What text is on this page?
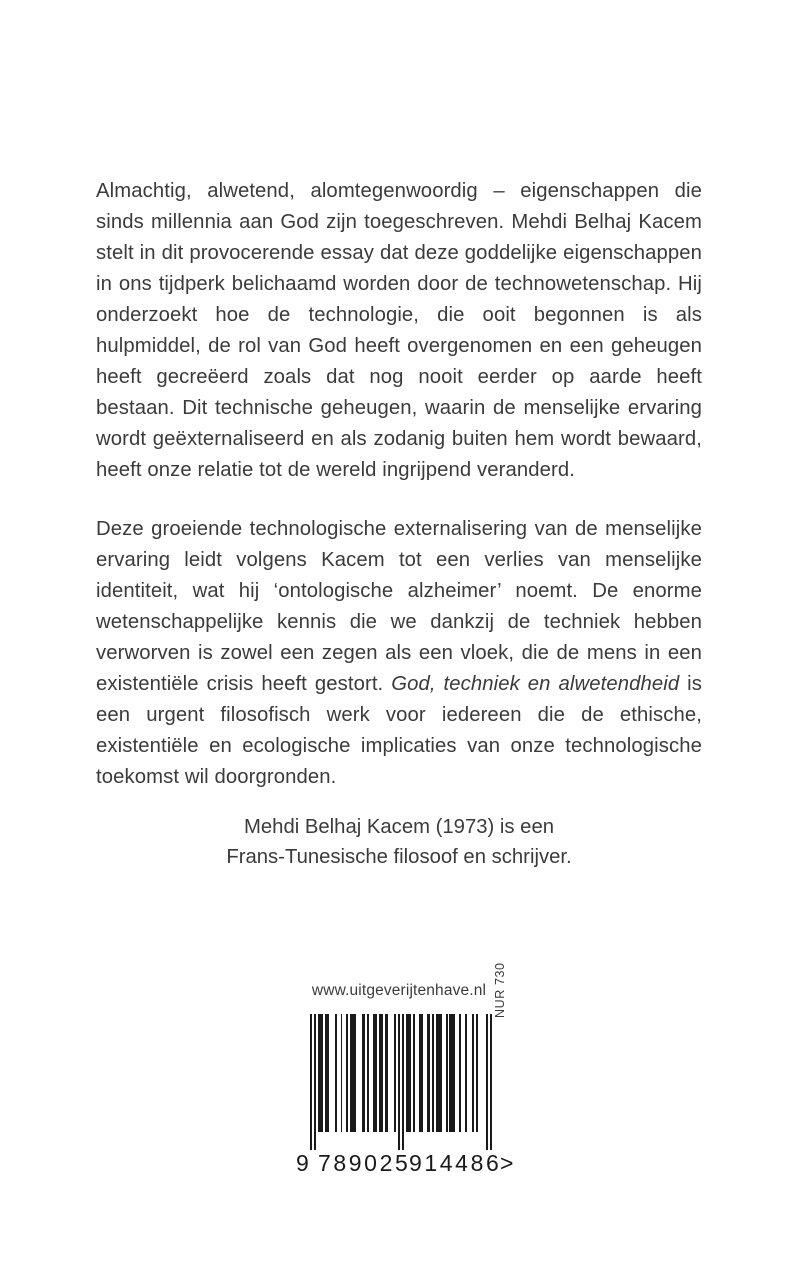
Almachtig, alwetend, alomtegenwoordig – eigenschappen die sinds millennia aan God zijn toegeschreven. Mehdi Belhaj Kacem stelt in dit provocerende essay dat deze goddelijke eigenschappen in ons tijdperk belichaamd worden door de technowetenschap. Hij onderzoekt hoe de technologie, die ooit begonnen is als hulpmiddel, de rol van God heeft overgenomen en een geheugen heeft gecreëerd zoals dat nog nooit eerder op aarde heeft bestaan. Dit technische geheugen, waarin de menselijke ervaring wordt geëxternaliseerd en als zodanig buiten hem wordt bewaard, heeft onze relatie tot de wereld ingrijpend veranderd.

Deze groeiende technologische externalisering van de menselijke ervaring leidt volgens Kacem tot een verlies van menselijke identiteit, wat hij ‘ontologische alzheimer’ noemt. De enorme wetenschappelijke kennis die we dankzij de techniek hebben verworven is zowel een zegen als een vloek, die de mens in een existentiële crisis heeft gestort. God, techniek en alwetendheid is een urgent filosofisch werk voor iedereen die de ethische, existentiële en ecologische implicaties van onze technologische toekomst wil doorgronden.

Mehdi Belhaj Kacem (1973) is een
Frans-Tunesische filosoof en schrijver.
www.uitgeverijtenhave.nl
9 789025
914486
>
NUR 730
